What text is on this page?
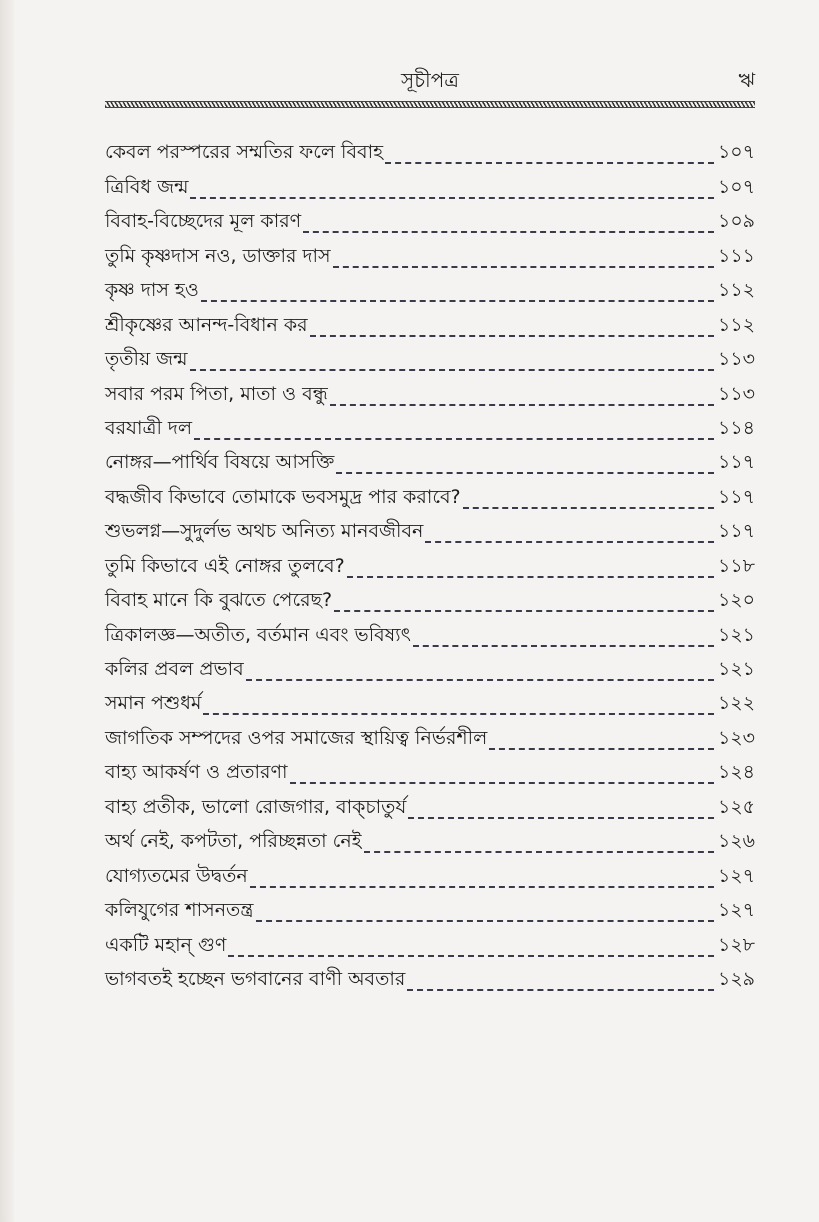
সূচীপত্র	ঋ
কেবল পরস্পরের সম্মতির ফলে বিবাহ	১০৭
ত্রিবিধ জন্ম	১০৭
বিবাহ-বিচ্ছেদের মূল কারণ	১০৯
তুমি কৃষ্ণদাস নও, ডাক্তার দাস	১১১
কৃষ্ণ দাস হও	১১২
শ্রীকৃষ্ণের আনন্দ-বিধান কর	১১২
তৃতীয় জন্ম	১১৩
সবার পরম পিতা, মাতা ও বন্ধু	১১৩
বরযাত্রী দল	১১৪
নোঙ্গর—পার্থিব বিষয়ে আসক্তি	১১৭
বদ্ধজীব কিভাবে তোমাকে ভবসমুদ্র পার করাবে?	১১৭
শুভলগ্ন—সুদুর্লভ অথচ অনিত্য মানবজীবন	১১৭
তুমি কিভাবে এই নোঙ্গর তুলবে?	১১৮
বিবাহ মানে কি বুঝতে পেরেছ?	১২০
ত্রিকালজ্ঞ—অতীত, বর্তমান এবং ভবিষ্যৎ	১২১
কলির প্রবল প্রভাব	১২১
সমান পশুধর্ম	১২২
জাগতিক সম্পদের ওপর সমাজের স্থায়িত্ব নির্ভরশীল	১২৩
বাহ্য আকর্ষণ ও প্রতারণা	১২৪
বাহ্য প্রতীক, ভালো রোজগার, বাক্‌চাতুর্য	১২৫
অর্থ নেই, কপটতা, পরিচ্ছন্নতা নেই	১২৬
যোগ্যতমের উদ্বর্তন	১২৭
কলিযুগের শাসনতন্ত্র	১২৭
একটি মহান্ গুণ	১২৮
ভাগবতই হচ্ছেন ভগবানের বাণী অবতার	১২৯
